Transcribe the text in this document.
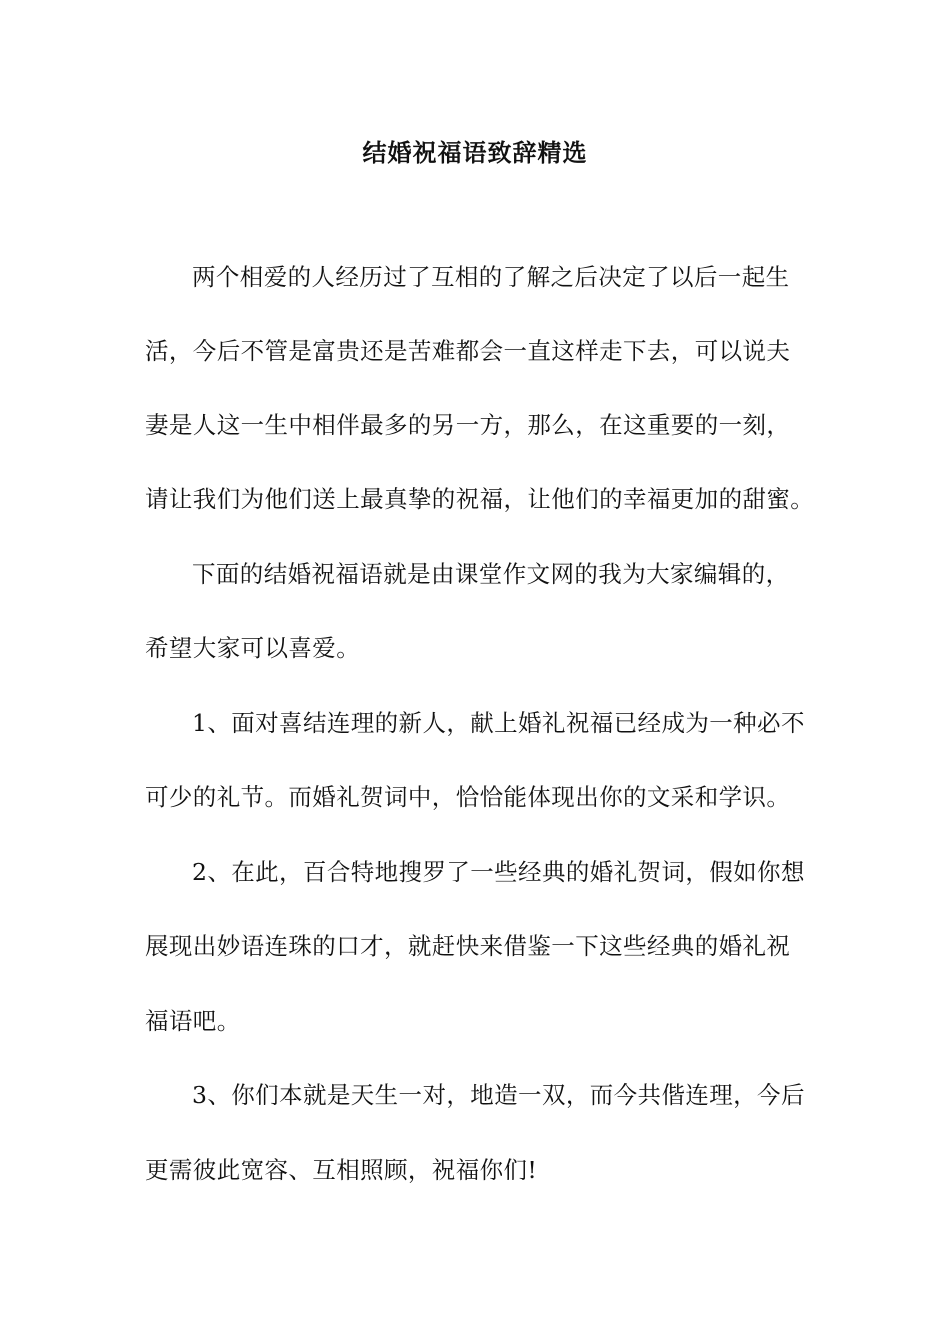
结婚祝福语致辞精选
两个相爱的人经历过了互相的了解之后决定了以后一起生
活，今后不管是富贵还是苦难都会一直这样走下去，可以说夫
妻是人这一生中相伴最多的另一方，那么，在这重要的一刻，
请让我们为他们送上最真挚的祝福，让他们的幸福更加的甜蜜。
下面的结婚祝福语就是由课堂作文网的我为大家编辑的，
希望大家可以喜爱。
1、面对喜结连理的新人，献上婚礼祝福已经成为一种必不
可少的礼节。而婚礼贺词中，恰恰能体现出你的文采和学识。
2、在此，百合特地搜罗了一些经典的婚礼贺词，假如你想
展现出妙语连珠的口才，就赶快来借鉴一下这些经典的婚礼祝
福语吧。
3、你们本就是天生一对，地造一双，而今共偕连理，今后
更需彼此宽容、互相照顾，祝福你们!
